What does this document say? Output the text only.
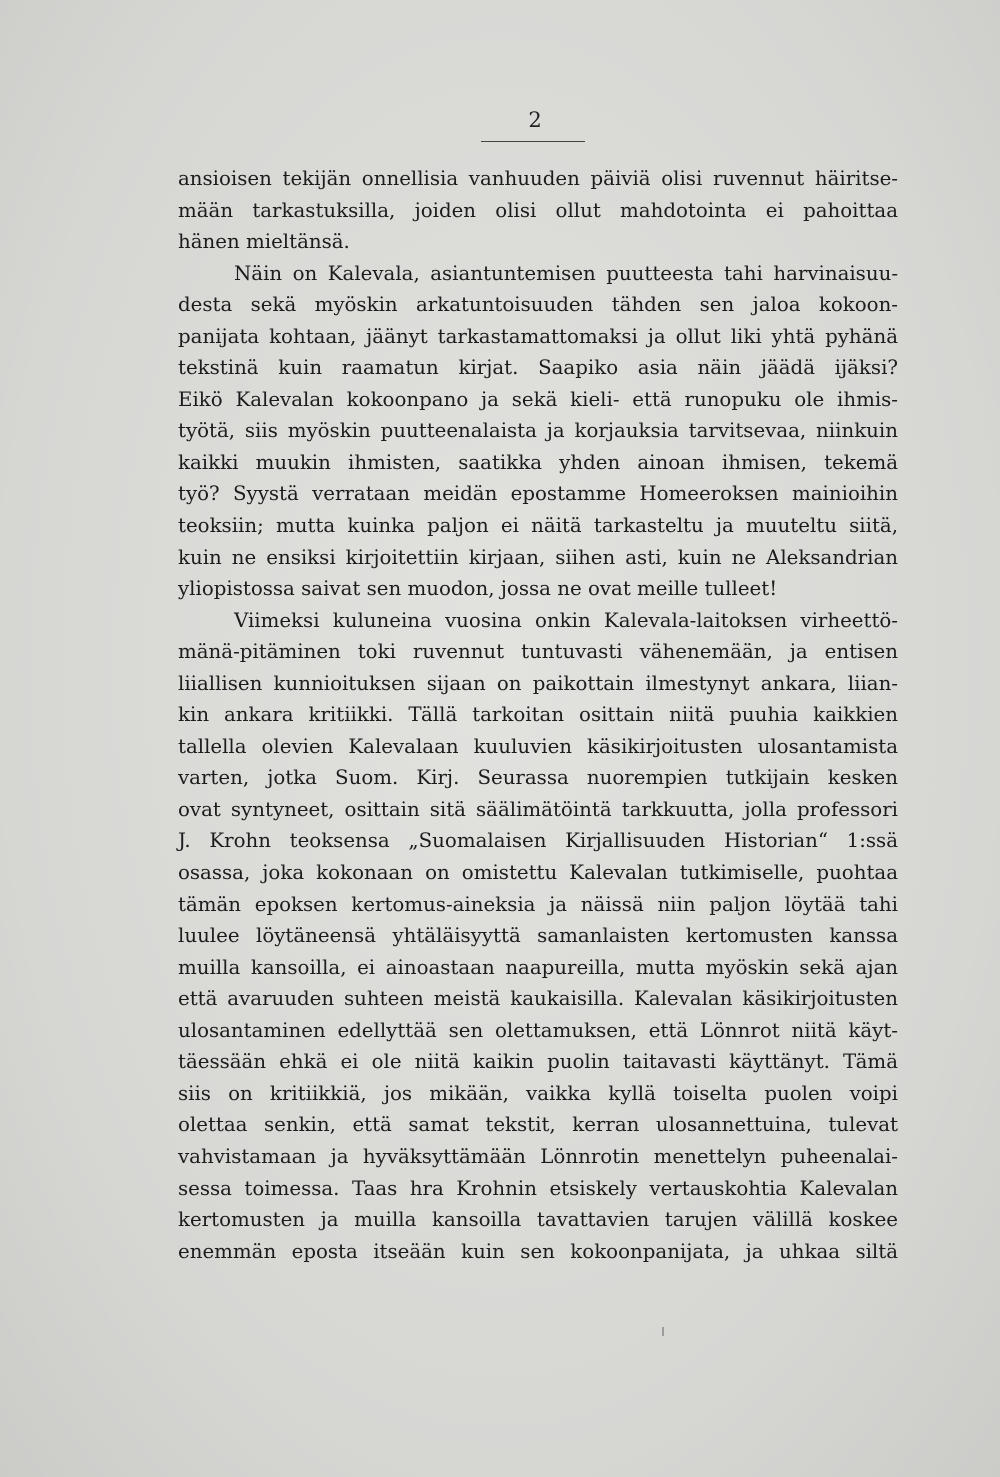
2
ansioisen tekijän onnellisia vanhuuden päiviä olisi ruvennut häiritse-
mään tarkastuksilla, joiden olisi ollut mahdotointa ei pahoittaa
hänen mieltänsä.
Näin on Kalevala, asiantuntemisen puutteesta tahi harvinaisuu-
desta sekä myöskin arkatuntoisuuden tähden sen jaloa kokoon-
panijata kohtaan, jäänyt tarkastamattomaksi ja ollut liki yhtä pyhänä
tekstinä kuin raamatun kirjat. Saapiko asia näin jäädä ijäksi?
Eikö Kalevalan kokoonpano ja sekä kieli- että runopuku ole ihmis-
työtä, siis myöskin puutteenalaista ja korjauksia tarvitsevaa, niinkuin
kaikki muukin ihmisten, saatikka yhden ainoan ihmisen, tekemä
työ? Syystä verrataan meidän epostamme Homeeroksen mainioihin
teoksiin; mutta kuinka paljon ei näitä tarkasteltu ja muuteltu siitä,
kuin ne ensiksi kirjoitettiin kirjaan, siihen asti, kuin ne Aleksandrian
yliopistossa saivat sen muodon, jossa ne ovat meille tulleet!
Viimeksi kuluneina vuosina onkin Kalevala-laitoksen virheettö-
mänä-pitäminen toki ruvennut tuntuvasti vähenemään, ja entisen
liiallisen kunnioituksen sijaan on paikottain ilmestynyt ankara, liian-
kin ankara kritiikki. Tällä tarkoitan osittain niitä puuhia kaikkien
tallella olevien Kalevalaan kuuluvien käsikirjoitusten ulosantamista
varten, jotka Suom. Kirj. Seurassa nuorempien tutkijain kesken
ovat syntyneet, osittain sitä säälimätöintä tarkkuutta, jolla professori
J. Krohn teoksensa „Suomalaisen Kirjallisuuden Historian“ 1:ssä
osassa, joka kokonaan on omistettu Kalevalan tutkimiselle, puohtaa
tämän epoksen kertomus-aineksia ja näissä niin paljon löytää tahi
luulee löytäneensä yhtäläisyyttä samanlaisten kertomusten kanssa
muilla kansoilla, ei ainoastaan naapureilla, mutta myöskin sekä ajan
että avaruuden suhteen meistä kaukaisilla. Kalevalan käsikirjoitusten
ulosantaminen edellyttää sen olettamuksen, että Lönnrot niitä käyt-
täessään ehkä ei ole niitä kaikin puolin taitavasti käyttänyt. Tämä
siis on kritiikkiä, jos mikään, vaikka kyllä toiselta puolen voipi
olettaa senkin, että samat tekstit, kerran ulosannettuina, tulevat
vahvistamaan ja hyväksyttämään Lönnrotin menettelyn puheenalai-
sessa toimessa. Taas hra Krohnin etsiskely vertauskohtia Kalevalan
kertomusten ja muilla kansoilla tavattavien tarujen välillä koskee
enemmän eposta itseään kuin sen kokoonpanijata, ja uhkaa siltä
